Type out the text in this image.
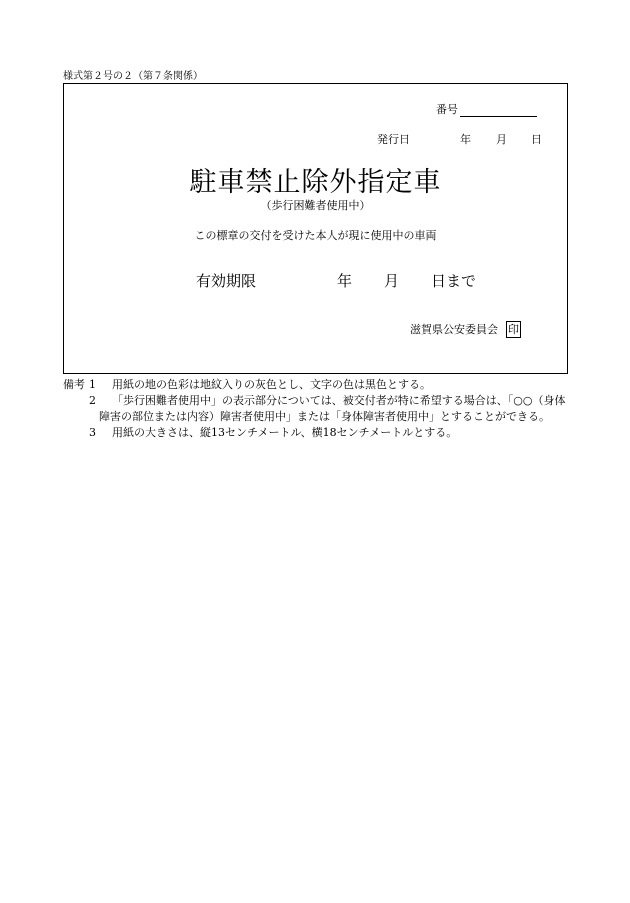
様式第２号の２（第７条関係）
番号
発行日	年 月 日
駐車禁止除外指定車
（歩行困難者使用中）
この標章の交付を受けた本人が現に使用中の車両
有効期限	年 月 日まで
滋賀県公安委員会 印
備考 1 用紙の地の色彩は地紋入りの灰色とし、文字の色は黒色とする。
2	「歩行困難者使用中」の表示部分については、被交付者が特に希望する場合は、「○○（身体障害の部位または内容）障害者使用中」または「身体障害者使用中」とすることができる。
3 用紙の大きさは、縦13センチメートル、横18センチメートルとする。
